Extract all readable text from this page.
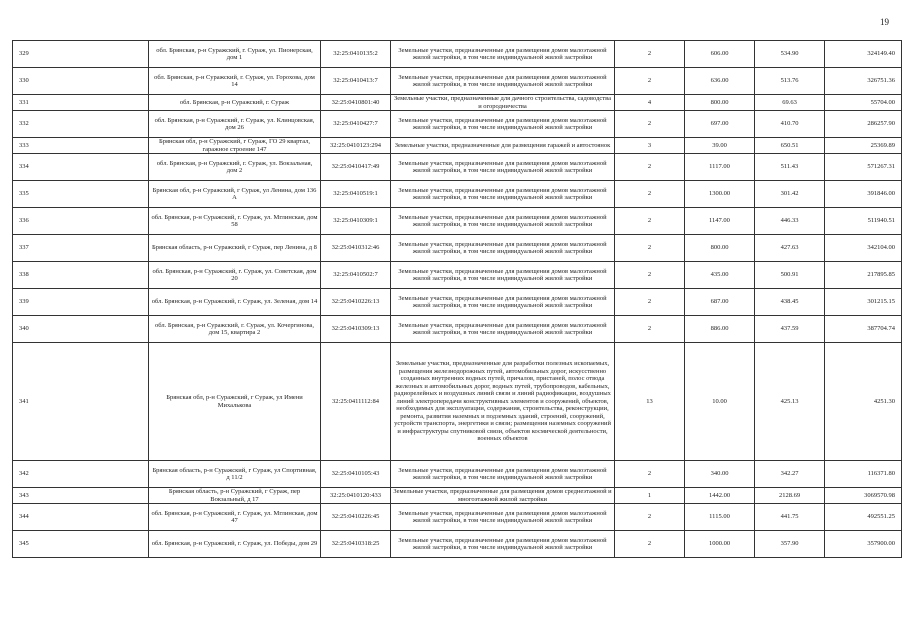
19
329	обл. Брянская, р-н Суражский, г. Сураж, ул. Пионерская, дом 1	32:25:0410135:2	Земельные участки, предназначенные для размещения домов малоэтажной жилой застройки, в том числе индивидуальной жилой застройки	2	606.00	534.90	324149.40
330	обл. Брянская, р-н Суражский, г. Сураж, ул. Горохова, дом 14	32:25:0410413:7	Земельные участки, предназначенные для размещения домов малоэтажной жилой застройки, в том числе индивидуальной жилой застройки	2	636.00	513.76	326751.36
331	обл. Брянская, р-н Суражский, г. Сураж	32:25:0410801:40	Земельные участки, предназначенные для дачного строительства, садоводства и огородничества	4	800.00	69.63	55704.00
332	обл. Брянская, р-н Суражский, г. Сураж, ул. Клинцовская, дом 26	32:25:0410427:7	Земельные участки, предназначенные для размещения домов малоэтажной жилой застройки, в том числе индивидуальной жилой застройки	2	697.00	410.70	286257.90
333	Брянская обл, р-н Суражский, г Сураж, ГО 29 квартал, гаражное строение 147	32:25:0410123:294	Земельные участки, предназначенные для размещения гаражей и автостоянок	3	39.00	650.51	25369.89
334	обл. Брянская, р-н Суражский, г. Сураж, ул. Вокзальная, дом 2	32:25:0410417:49	Земельные участки, предназначенные для размещения домов малоэтажной жилой застройки, в том числе индивидуальной жилой застройки	2	1117.00	511.43	571267.31
335	Брянская обл, р-н Суражский, г Сураж, ул Ленина, дом 136 А	32:25:0410519:1	Земельные участки, предназначенные для размещения домов малоэтажной жилой застройки, в том числе индивидуальной жилой застройки	2	1300.00	301.42	391846.00
336	обл. Брянская, р-н Суражский, г. Сураж, ул. Мглинская, дом 58	32:25:0410309:1	Земельные участки, предназначенные для размещения домов малоэтажной жилой застройки, в том числе индивидуальной жилой застройки	2	1147.00	446.33	511940.51
337	Брянская область, р-н Суражский, г Сураж, пер Ленина, д 8	32:25:0410312:46	Земельные участки, предназначенные для размещения домов малоэтажной жилой застройки, в том числе индивидуальной жилой застройки	2	800.00	427.63	342104.00
338	обл. Брянская, р-н Суражский, г. Сураж, ул. Советская, дом 20	32:25:0410502:7	Земельные участки, предназначенные для размещения домов малоэтажной жилой застройки, в том числе индивидуальной жилой застройки	2	435.00	500.91	217895.85
339	обл. Брянская, р-н Суражский, г. Сураж, ул. Зеленая, дом 14	32:25:0410226:13	Земельные участки, предназначенные для размещения домов малоэтажной жилой застройки, в том числе индивидуальной жилой застройки	2	687.00	438.45	301215.15
340	обл. Брянская, р-н Суражский, г. Сураж, ул. Кочергинова, дом 15, квартира 2	32:25:0410309:13	Земельные участки, предназначенные для размещения домов малоэтажной жилой застройки, в том числе индивидуальной жилой застройки	2	886.00	437.59	387704.74
341	Брянская обл, р-н Суражский, г Сураж, ул Имени Михалькова	32:25:0411112:84	Земельные участки, предназначенные для разработки полезных ископаемых, размещения железнодорожных путей, автомобильных дорог, искусственно созданных внутренних водных путей, причалов, пристаней, полос отвода железных и автомобильных дорог, водных путей, трубопроводов, кабельных, радиорелейных и воздушных линий связи и линий радиофикации, воздушных линий электропередачи конструктивных элементов и сооружений, объектов, необходимых для эксплуатации, содержания, строительства, реконструкции, ремонта, развития наземных и подземных зданий, строений, сооружений, устройств транспорта, энергетики и связи; размещения наземных сооружений и инфраструктуры спутниковой связи, объектов космической деятельности, военных объектов	13	10.00	425.13	4251.30
342	Брянская область, р-н Суражский, г Сураж, ул Спортивная, д 11/2	32:25:0410105:43	Земельные участки, предназначенные для размещения домов малоэтажной жилой застройки, в том числе индивидуальной жилой застройки	2	340.00	342.27	116371.80
343	Брянская область, р-н Суражский, г Сураж, пер Вокзальный, д 17	32:25:0410120:433	Земельные участки, предназначенные для размещения домов среднеэтажной и многоэтажной жилой застройки	1	1442.00	2128.69	3069570.98
344	обл. Брянская, р-н Суражский, г. Сураж, ул. Мглинская, дом 47	32:25:0410226:45	Земельные участки, предназначенные для размещения домов малоэтажной жилой застройки, в том числе индивидуальной жилой застройки	2	1115.00	441.75	492551.25
345	обл. Брянская, р-н Суражский, г. Сураж, ул. Победы, дом 29	32:25:0410318:25	Земельные участки, предназначенные для размещения домов малоэтажной жилой застройки, в том числе индивидуальной жилой застройки	2	1000.00	357.90	357900.00
